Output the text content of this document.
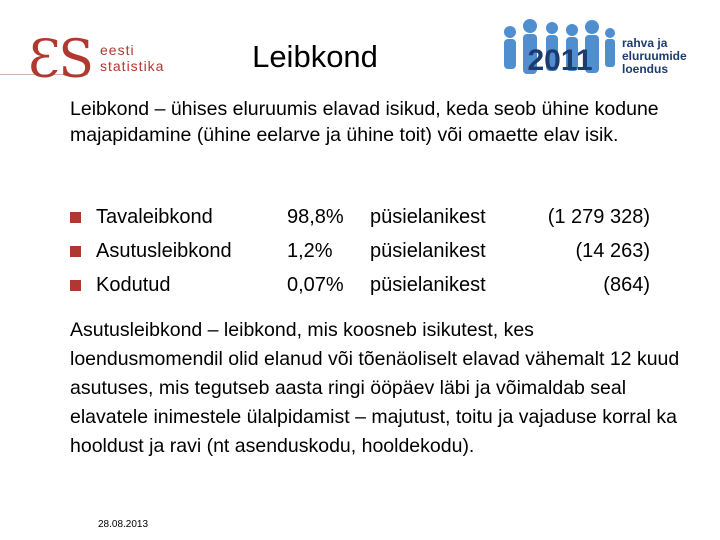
ƐS eesti
statistika	Leibkond	2011
rahva ja
eluruumide
loendus
Leibkond – ühises eluruumis elavad isikud, keda seob ühine kodune majapidamine (ühine eelarve ja ühine toit) või omaette elav isik.
Tavaleibkond	98,8% püsielanikest	(1 279 328)
Asutusleibkond	1,2% püsielanikest	(14 263)
Kodutud	0,07% püsielanikest	(864)
Asutusleibkond – leibkond, mis koosneb isikutest, kes loendusmomendil olid elanud või tõenäoliselt elavad vähemalt 12 kuud asutuses, mis tegutseb aasta ringi ööpäev läbi ja võimaldab seal elavatele inimestele ülalpidamist – majutust, toitu ja vajaduse korral ka hooldust ja ravi (nt asenduskodu, hooldekodu).
28.08.2013
